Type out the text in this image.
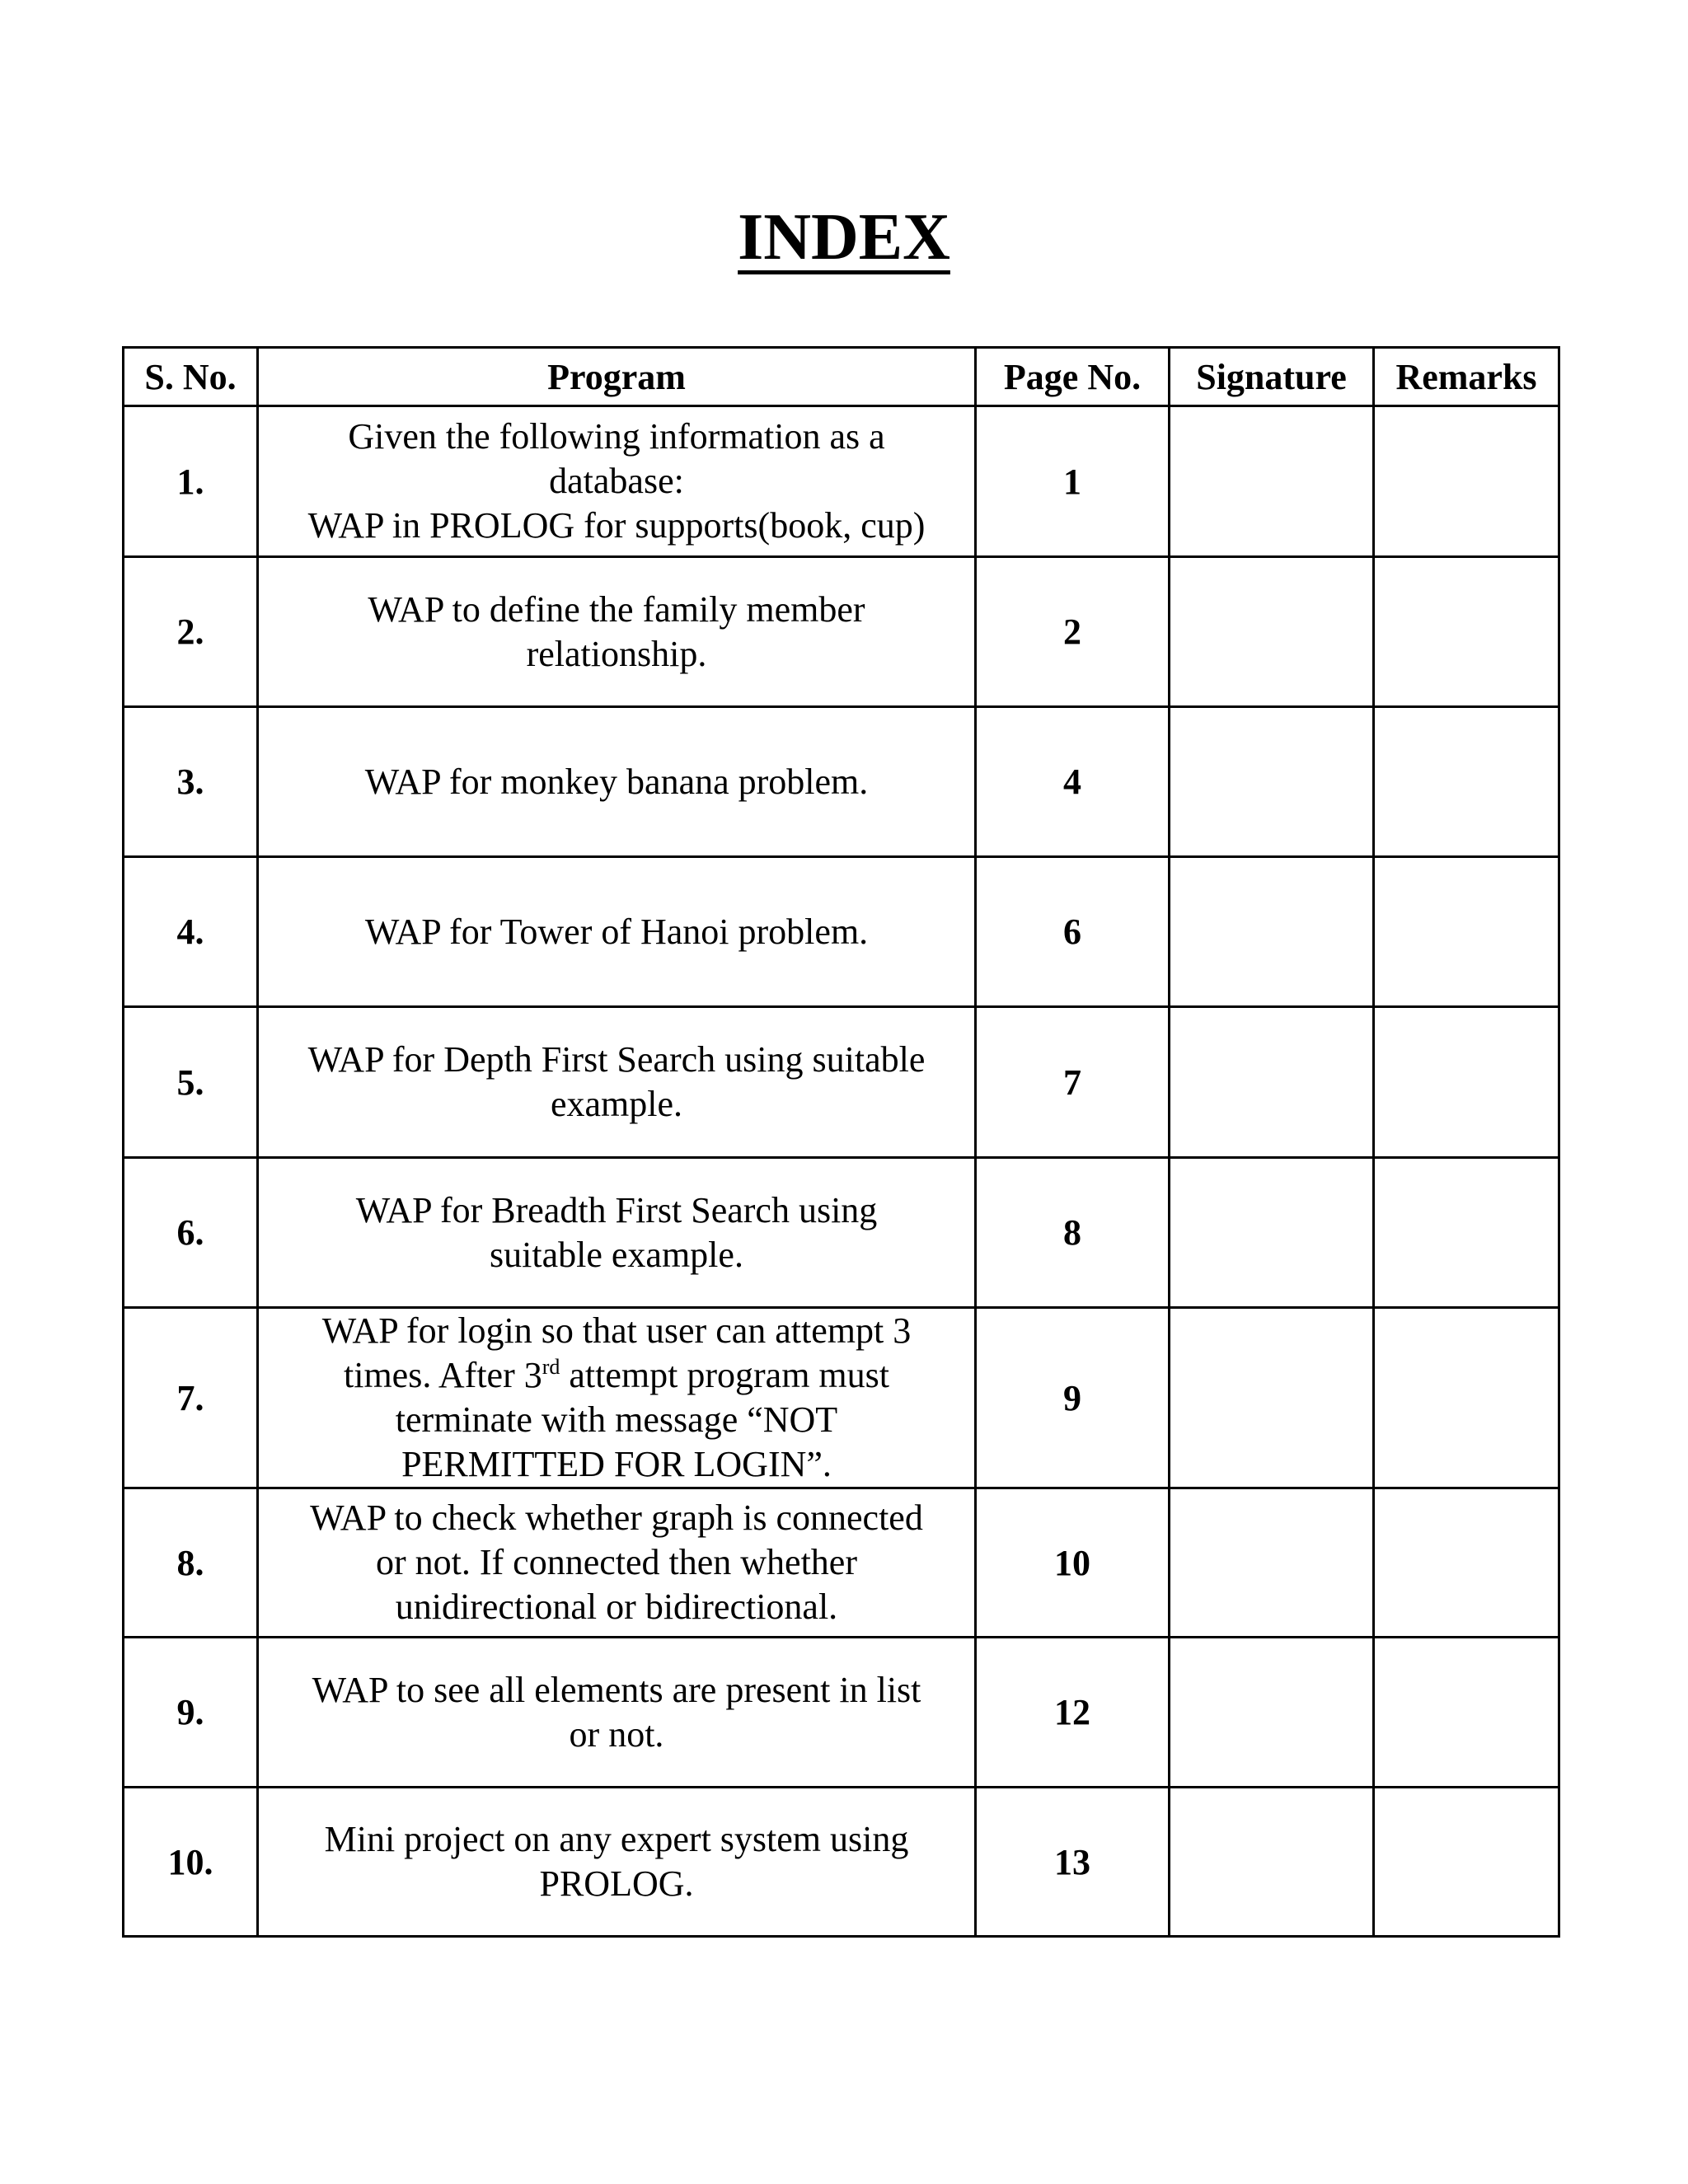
INDEX
S. No.	Program	Page No.	Signature	Remarks
1.	Given the following information as a
database:
WAP in PROLOG for supports(book, cup)	1		
2.	WAP to define the family member
relationship.	2		
3.	WAP for monkey banana problem.	4		
4.	WAP for Tower of Hanoi problem.	6		
5.	WAP for Depth First Search using suitable
example.	7		
6.	WAP for Breadth First Search using
suitable example.	8		
7.	WAP for login so that user can attempt 3
times. After 3rd attempt program must
terminate with message “NOT
PERMITTED FOR LOGIN”.	9		
8.	WAP to check whether graph is connected
or not. If connected then whether
unidirectional or bidirectional.	10		
9.	WAP to see all elements are present in list
or not.	12		
10.	Mini project on any expert system using
PROLOG.	13		
